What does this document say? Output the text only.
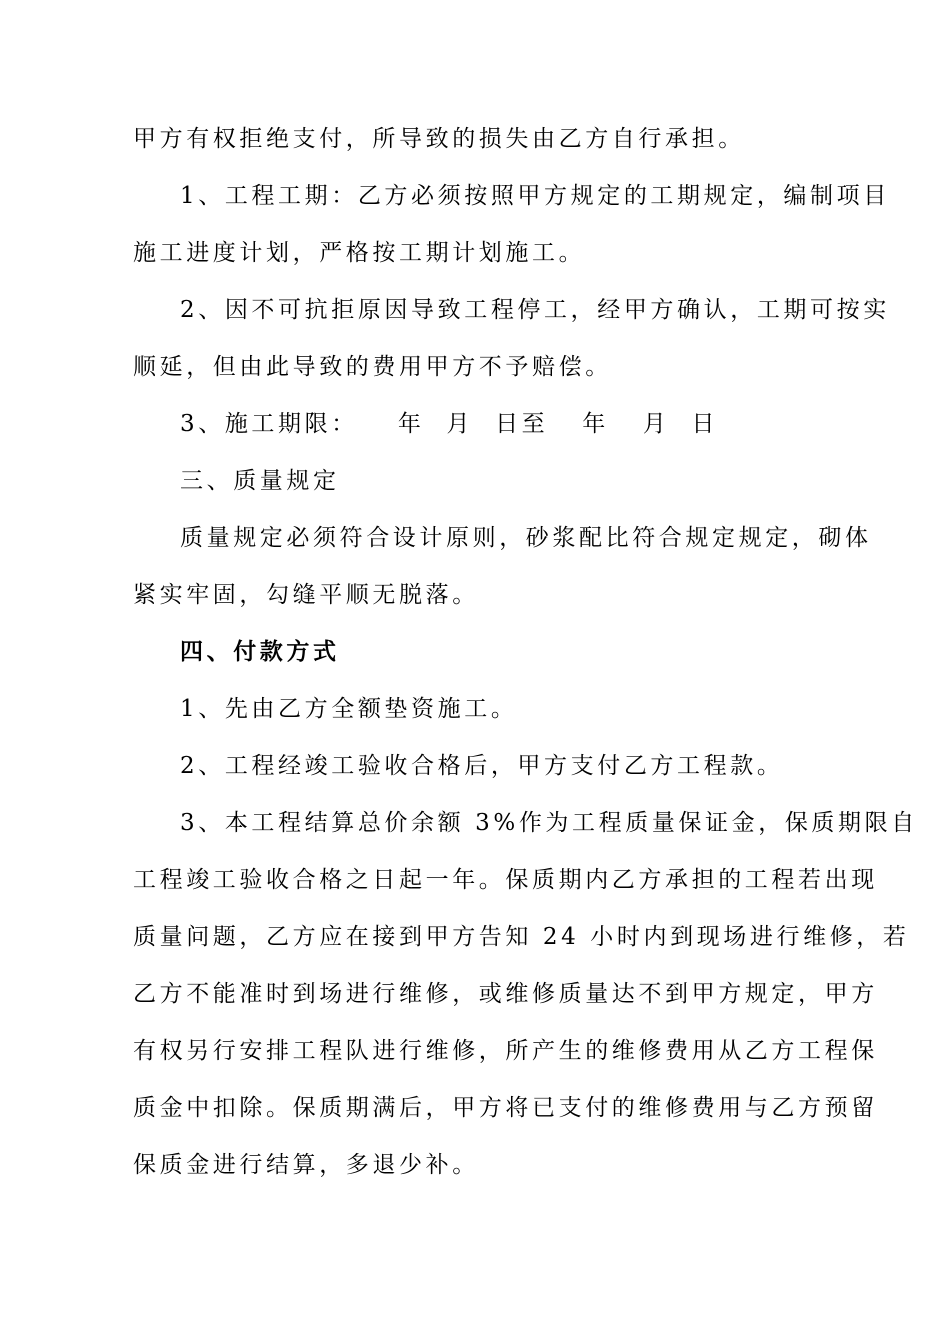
甲方有权拒绝支付，所导致的损失由乙方自行承担。
1、工程工期：乙方必须按照甲方规定的工期规定，编制项目
施工进度计划，严格按工期计划施工。
2、因不可抗拒原因导致工程停工，经甲方确认，工期可按实
顺延，但由此导致的费用甲方不予赔偿。
3、施工期限： 年 月 日至 年 月 日
三、质量规定
质量规定必须符合设计原则，砂浆配比符合规定规定，砌体
紧实牢固，勾缝平顺无脱落。
四、付款方式
1、先由乙方全额垫资施工。
2、工程经竣工验收合格后，甲方支付乙方工程款。
3、本工程结算总价余额 3%作为工程质量保证金，保质期限自
工程竣工验收合格之日起一年。保质期内乙方承担的工程若出现
质量问题，乙方应在接到甲方告知 24 小时内到现场进行维修，若
乙方不能准时到场进行维修，或维修质量达不到甲方规定，甲方
有权另行安排工程队进行维修，所产生的维修费用从乙方工程保
质金中扣除。保质期满后，甲方将已支付的维修费用与乙方预留
保质金进行结算，多退少补。
